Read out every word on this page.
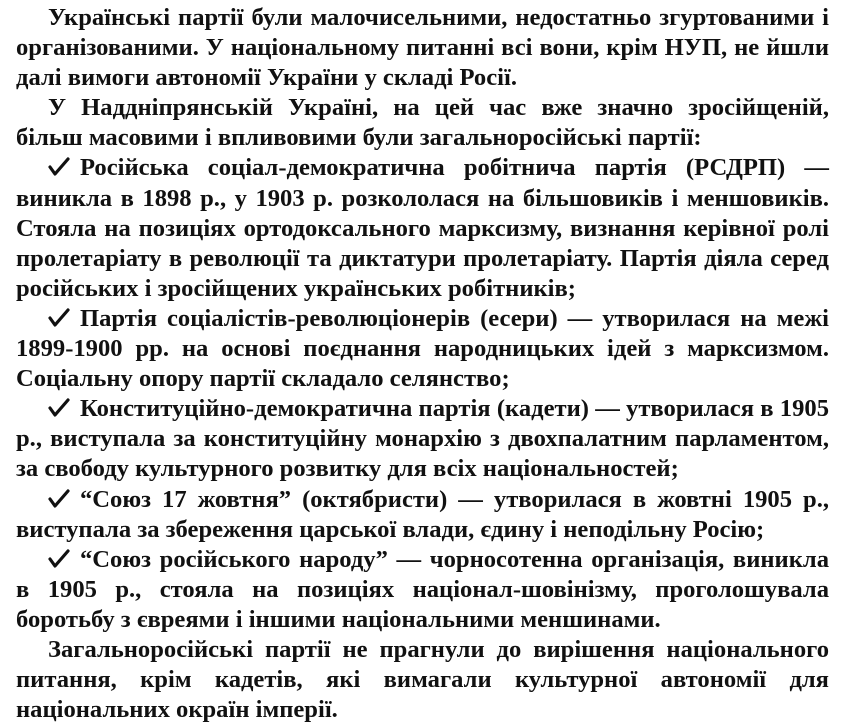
Українські партії були малочисельними, недостатньо згуртованими і організованими. У національному питанні всі вони, крім НУП, не йшли далі вимоги автономії України у складі Росії.

У Наддніпрянській Україні, на цей час вже значно зросійщеній, більш масовими і впливовими були загальноросійські партії:

Російська соціал-демократична робітнича партія (РСДРП) — виникла в 1898 р., у 1903 р. розкололася на більшовиків і меншовиків. Стояла на позиціях ортодоксального марксизму, визнання керівної ролі пролетаріату в революції та диктатури пролетаріату. Партія діяла серед російських і зросійщених українських робітників;

Партія соціалістів-революціонерів (есери) — утворилася на межі 1899-1900 рр. на основі поєднання народницьких ідей з марксизмом. Соціальну опору партії складало селянство;

Конституційно-демократична партія (кадети) — утворилася в 1905 р., виступала за конституційну монархію з двохпалатним парламентом, за свободу культурного розвитку для всіх національностей;

“Союз 17 жовтня” (октябристи) — утворилася в жовтні 1905 р., виступала за збереження царської влади, єдину і неподільну Росію;

“Союз російського народу” — чорносотенна організація, виникла в 1905 р., стояла на позиціях націонал-шовінізму, проголошувала боротьбу з євреями і іншими національними меншинами.

Загальноросійські партії не прагнули до вирішення національного питання, крім кадетів, які вимагали культурної автономії для національних окраїн імперії.
